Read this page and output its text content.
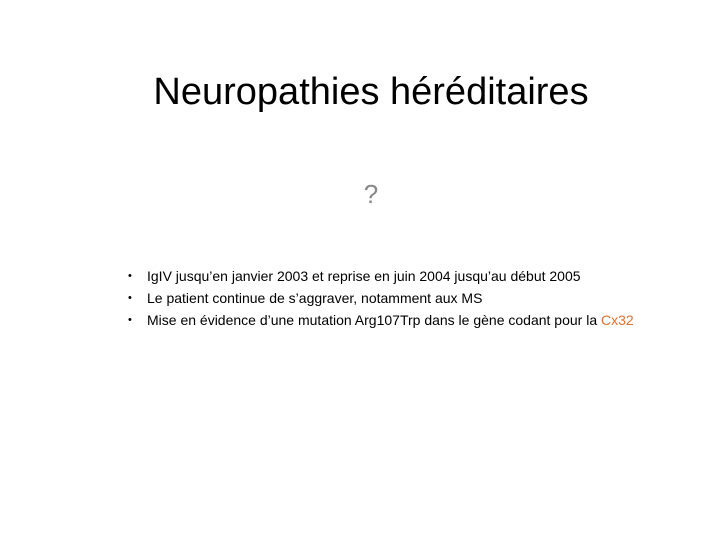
Neuropathies héréditaires
?
• IgIV jusqu’en janvier 2003 et reprise en juin 2004 jusqu’au début 2005
• Le patient continue de s’aggraver, notamment aux MS
• Mise en évidence d’une mutation Arg107Trp dans le gène codant pour la Cx32
